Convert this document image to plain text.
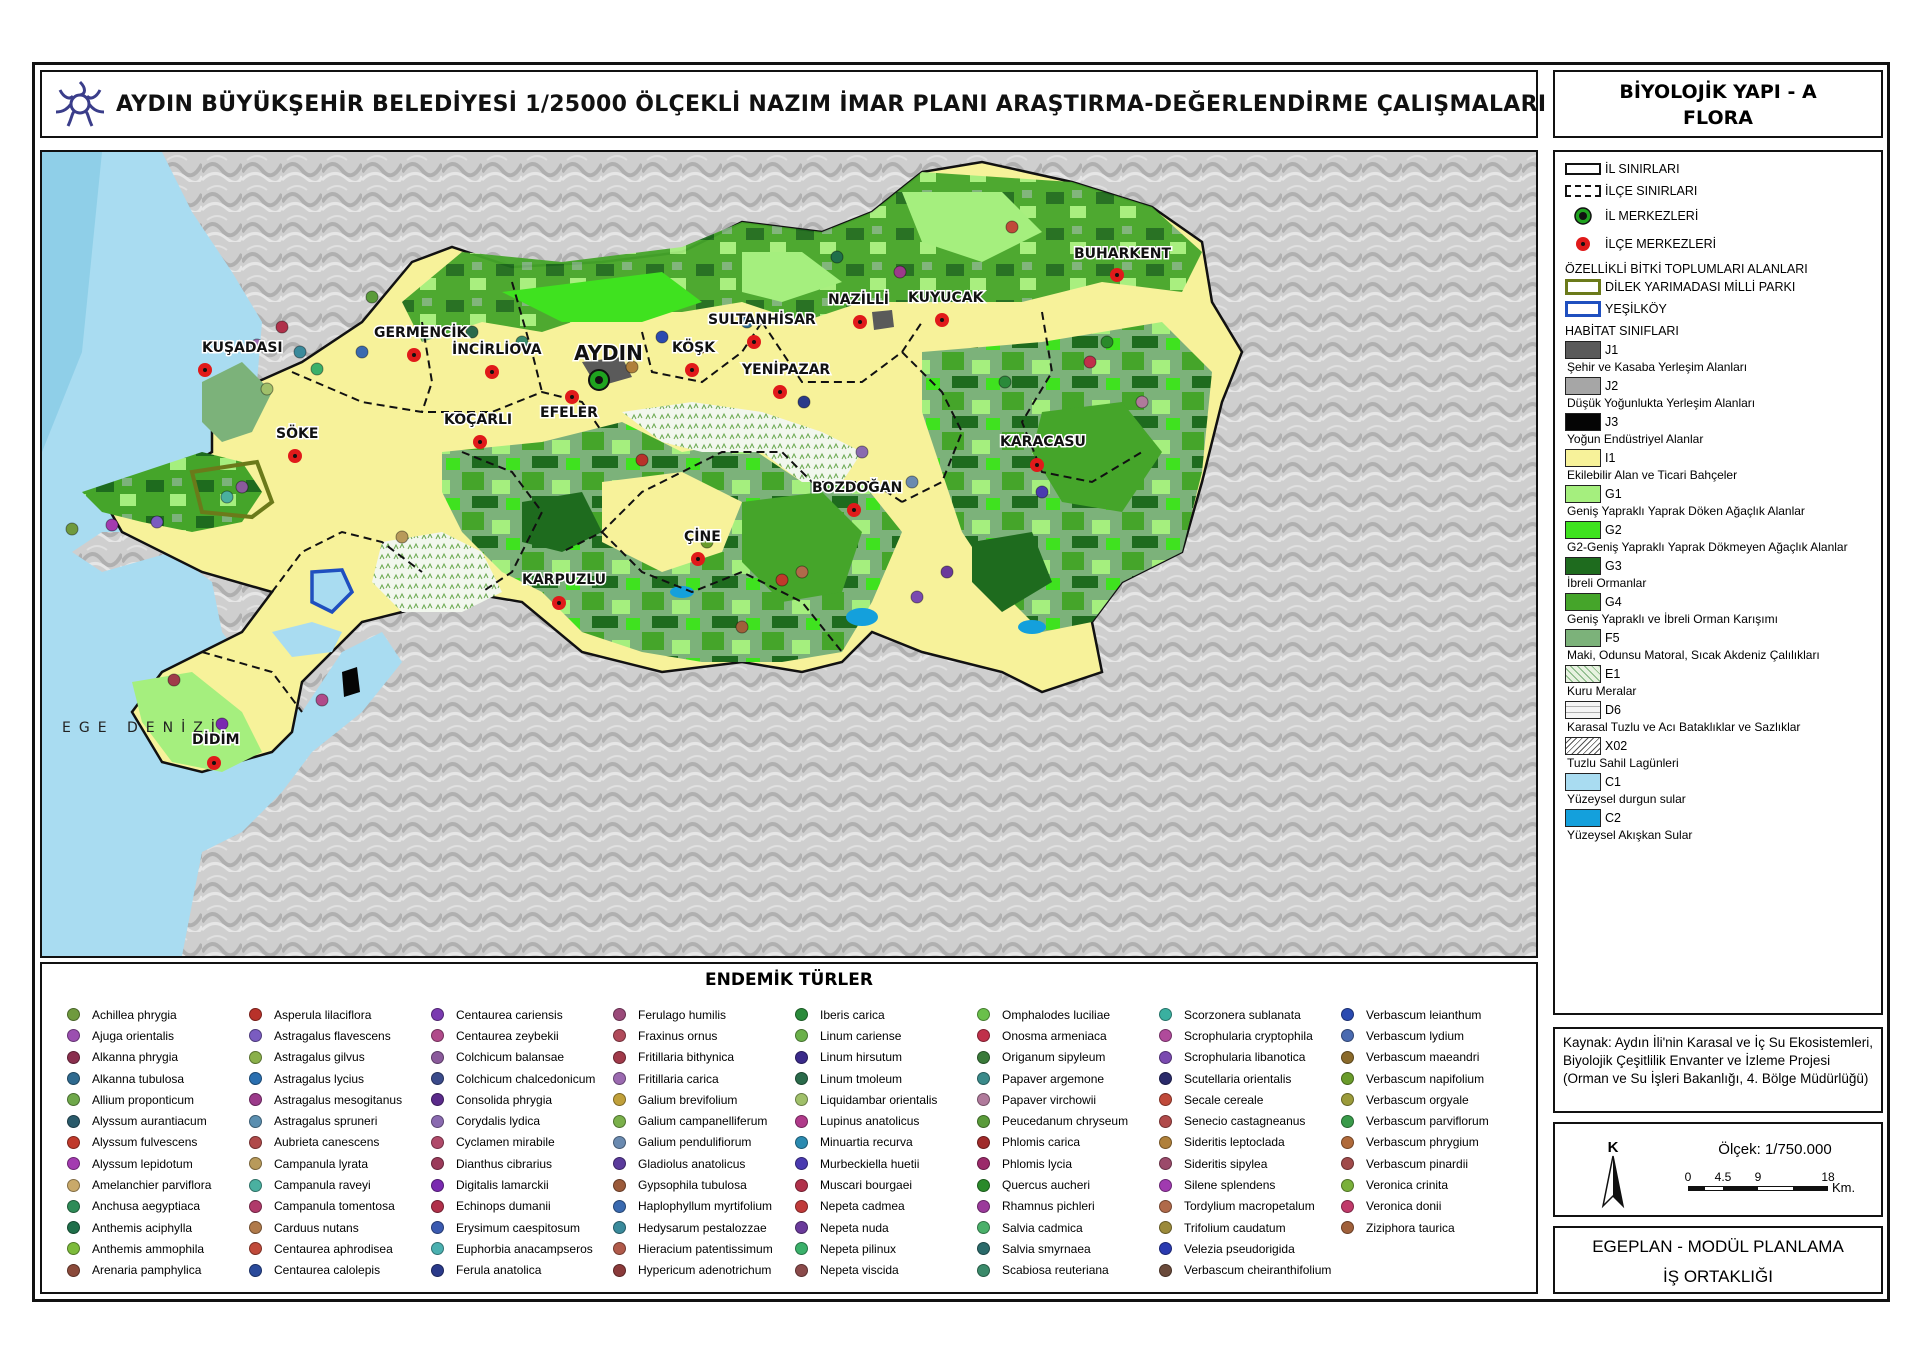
AYDIN BÜYÜKŞEHİR BELEDİYESİ 1/25000 ÖLÇEKLİ NAZIM İMAR PLANI ARAŞTIRMA-DEĞERLENDİRME ÇALIŞMALARI	BİYOLOJİK YAPI - A
FLORA
KUŞADASI
GERMENCİK
İNCİRLİOVA
EFELER
KÖŞK
SULTANHİSAR
NAZİLLİ KUYUCAK
BUHARKENT
YENİPAZAR
SÖKE
KOÇARLI
KARACASU
BOZDOĞAN
ÇİNE
KARPUZLU
DİDİM
AYDIN
EGE DENİZİ
İL SINIRLARI
İLÇE SINIRLARI
İL MERKEZLERİ
İLÇE MERKEZLERİ
ÖZELLİKLİ BİTKİ TOPLUMLARI ALANLARI
DİLEK YARIMADASI MİLLİ PARKI
YEŞİLKÖY
HABİTAT SINIFLARI
J1
Şehir ve Kasaba Yerleşim Alanları
J2
Düşük Yoğunlukta Yerleşim Alanları
J3
Yoğun Endüstriyel Alanlar
I1
Ekilebilir Alan ve Ticari Bahçeler
G1
Geniş Yapraklı Yaprak Döken Ağaçlık Alanlar
G2
G2-Geniş Yapraklı Yaprak Dökmeyen Ağaçlık Alanlar
G3
İbreli Ormanlar
G4
Geniş Yapraklı ve İbreli Orman Karışımı
F5
Maki, Odunsu Matoral, Sıcak Akdeniz Çalılıkları
E1
Kuru Meralar
D6
Karasal Tuzlu ve Acı Bataklıklar ve Sazlıklar
X02
Tuzlu Sahil Lagünleri
C1
Yüzeysel durgun sular
C2
Yüzeysel Akışkan Sular
Kaynak: Aydın İli'nin Karasal ve İç Su Ekosistemleri, Biyolojik Çeşitlilik Envanter ve İzleme Projesi (Orman ve Su İşleri Bakanlığı, 4. Bölge Müdürlüğü)
K	Ölçek: 1/750.000
0 4.5 9	18
Km.
EGEPLAN - MODÜL PLANLAMA
İŞ ORTAKLIĞI
ENDEMİK TÜRLER
Achillea phrygia
Ajuga orientalis
Alkanna phrygia
Alkanna tubulosa
Allium proponticum
Alyssum aurantiacum
Alyssum fulvescens
Alyssum lepidotum
Amelanchier parviflora
Anchusa aegyptiaca
Anthemis aciphylla
Anthemis ammophila
Arenaria pamphylica
Asperula lilaciflora
Astragalus flavescens
Astragalus gilvus
Astragalus lycius
Astragalus mesogitanus
Astragalus spruneri
Aubrieta canescens
Campanula lyrata
Campanula raveyi
Campanula tomentosa
Carduus nutans
Centaurea aphrodisea
Centaurea calolepis
Centaurea cariensis
Centaurea zeybekii
Colchicum balansae
Colchicum chalcedonicum
Consolida phrygia
Corydalis lydica
Cyclamen mirabile
Dianthus cibrarius
Digitalis lamarckii
Echinops dumanii
Erysimum caespitosum
Euphorbia anacampseros
Ferula anatolica
Ferulago humilis
Fraxinus ornus
Fritillaria bithynica
Fritillaria carica
Galium brevifolium
Galium campanelliferum
Galium pendulifiorum
Gladiolus anatolicus
Gypsophila tubulosa
Haplophyllum myrtifolium
Hedysarum pestalozzae
Hieracium patentissimum
Hypericum adenotrichum
Iberis carica
Linum cariense
Linum hirsutum
Linum tmoleum
Liquidambar orientalis
Lupinus anatolicus
Minuartia recurva
Murbeckiella huetii
Muscari bourgaei
Nepeta cadmea
Nepeta nuda
Nepeta pilinux
Nepeta viscida
Omphalodes luciliae
Onosma armeniaca
Origanum sipyleum
Papaver argemone
Papaver virchowii
Peucedanum chryseum
Phlomis carica
Phlomis lycia
Quercus aucheri
Rhamnus pichleri
Salvia cadmica
Salvia smyrnaea
Scabiosa reuteriana
Scorzonera sublanata
Scrophularia cryptophila
Scrophularia libanotica
Scutellaria orientalis
Secale cereale
Senecio castagneanus
Sideritis leptoclada
Sideritis sipylea
Silene splendens
Tordylium macropetalum
Trifolium caudatum
Velezia pseudorigida
Verbascum cheiranthifolium
Verbascum leianthum
Verbascum lydium
Verbascum maeandri
Verbascum napifolium
Verbascum orgyale
Verbascum parviflorum
Verbascum phrygium
Verbascum pinardii
Veronica crinita
Veronica donii
Ziziphora taurica
